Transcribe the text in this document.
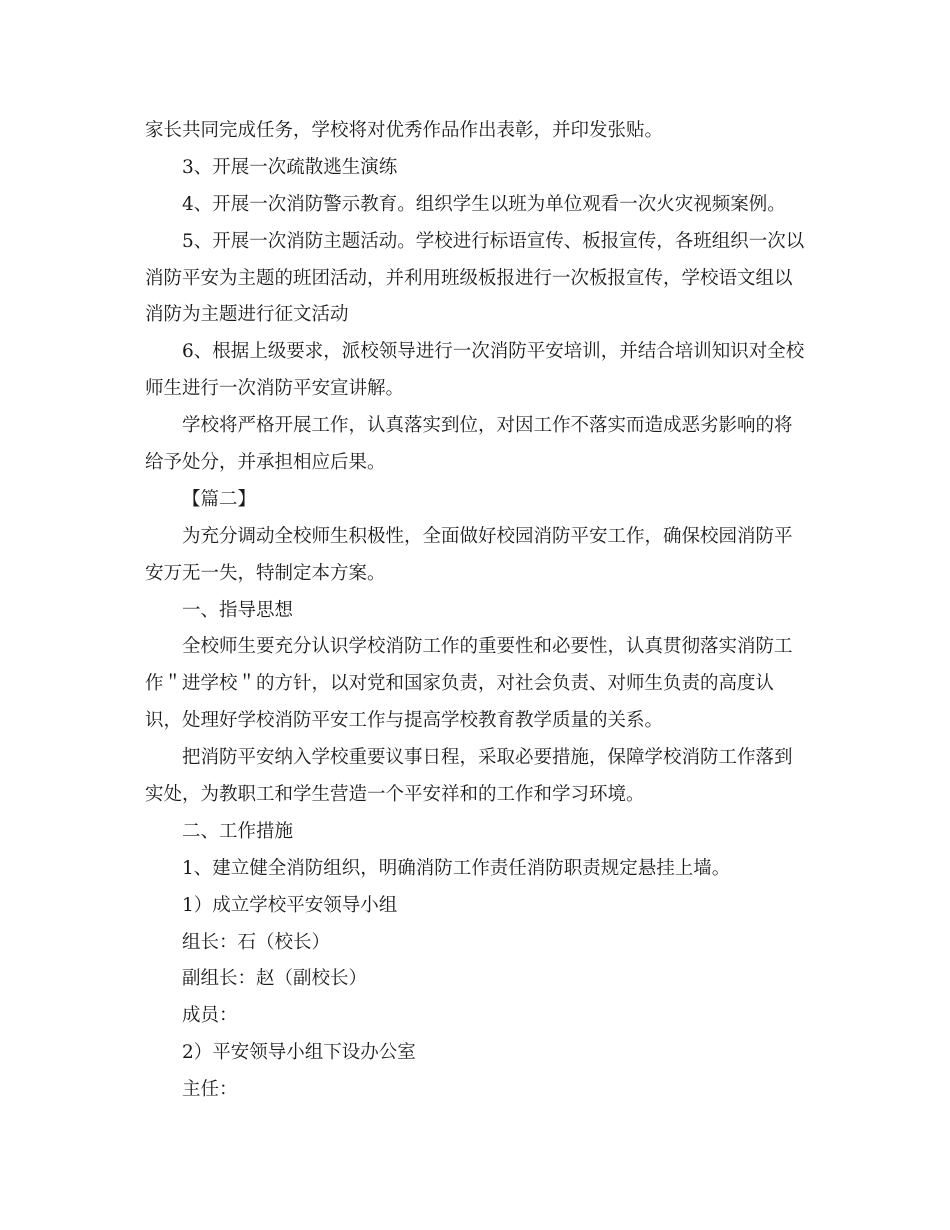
家长共同完成任务，学校将对优秀作品作出表彰，并印发张贴。

3、开展一次疏散逃生演练

4、开展一次消防警示教育。组织学生以班为单位观看一次火灾视频案例。

5、开展一次消防主题活动。学校进行标语宣传、板报宣传，各班组织一次以

消防平安为主题的班团活动，并利用班级板报进行一次板报宣传，学校语文组以

消防为主题进行征文活动

6、根据上级要求，派校领导进行一次消防平安培训，并结合培训知识对全校

师生进行一次消防平安宣讲解。

学校将严格开展工作，认真落实到位，对因工作不落实而造成恶劣影响的将

给予处分，并承担相应后果。

【篇二】

为充分调动全校师生积极性，全面做好校园消防平安工作，确保校园消防平

安万无一失，特制定本方案。

一、指导思想

全校师生要充分认识学校消防工作的重要性和必要性，认真贯彻落实消防工

作＂进学校＂的方针，以对党和国家负责，对社会负责、对师生负责的高度认

识，处理好学校消防平安工作与提高学校教育教学质量的关系。

把消防平安纳入学校重要议事日程，采取必要措施，保障学校消防工作落到

实处，为教职工和学生营造一个平安祥和的工作和学习环境。

二、工作措施

1、建立健全消防组织，明确消防工作责任消防职责规定悬挂上墙。

1）成立学校平安领导小组

组长：石（校长）

副组长：赵（副校长）

成员：

2）平安领导小组下设办公室

主任：
